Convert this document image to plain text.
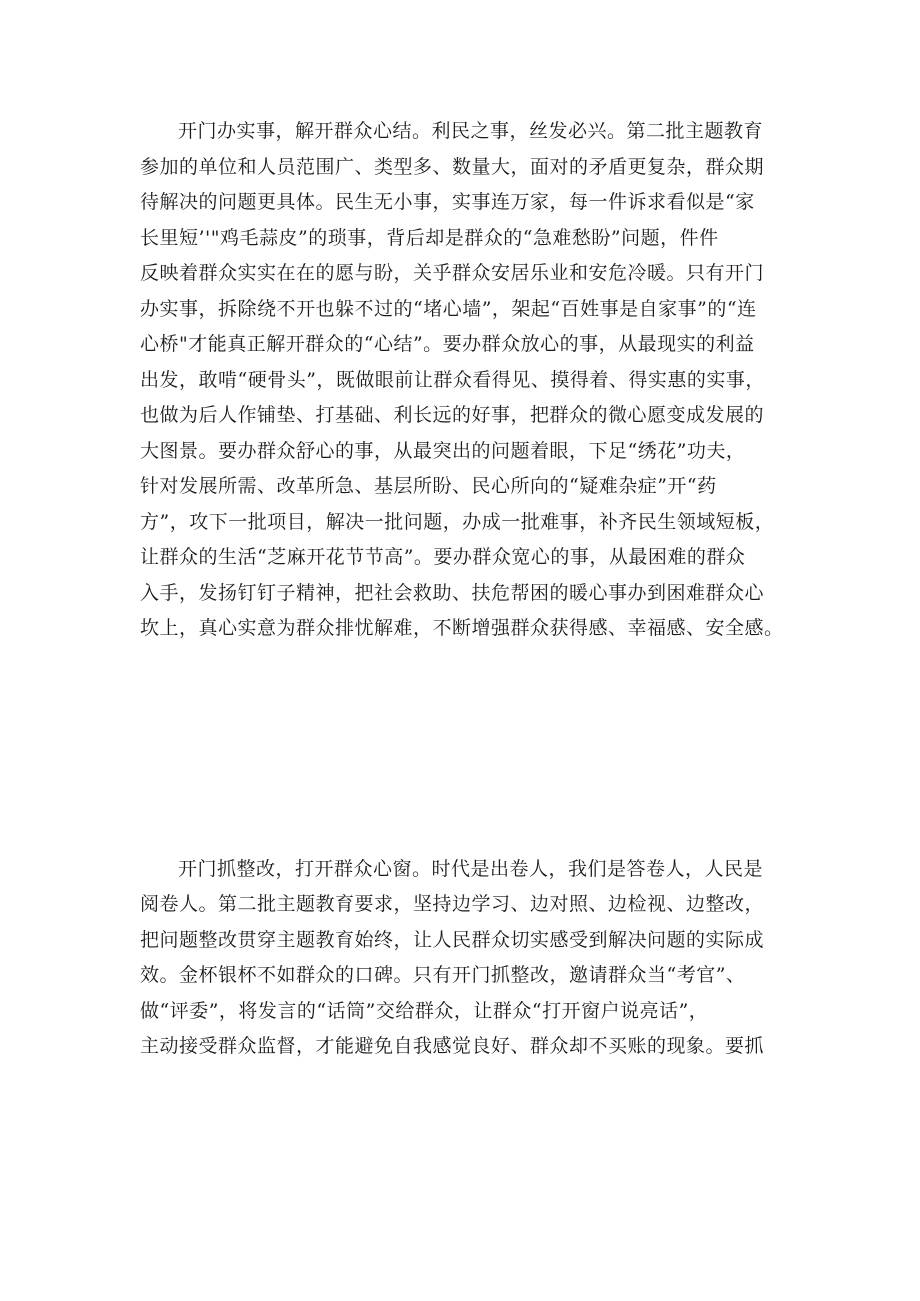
开门办实事，解开群众心结。利民之事，丝发必兴。第二批主题教育
参加的单位和人员范围广、类型多、数量大，面对的矛盾更复杂，群众期
待解决的问题更具体。民生无小事，实事连万家，每一件诉求看似是“家
长里短’'"鸡毛蒜皮”的琐事，背后却是群众的“急难愁盼”问题，件件
反映着群众实实在在的愿与盼，关乎群众安居乐业和安危冷暖。只有开门
办实事，拆除绕不开也躲不过的“堵心墙”，架起“百姓事是自家事”的“连
心桥"才能真正解开群众的“心结”。要办群众放心的事，从最现实的利益
出发，敢啃“硬骨头”，既做眼前让群众看得见、摸得着、得实惠的实事，
也做为后人作铺垫、打基础、利长远的好事，把群众的微心愿变成发展的
大图景。要办群众舒心的事，从最突出的问题着眼，下足“绣花”功夫，
针对发展所需、改革所急、基层所盼、民心所向的“疑难杂症”开“药
方”，攻下一批项目，解决一批问题，办成一批难事，补齐民生领域短板，
让群众的生活“芝麻开花节节高”。要办群众宽心的事，从最困难的群众
入手，发扬钉钉子精神，把社会救助、扶危帮困的暖心事办到困难群众心
坎上，真心实意为群众排忧解难，不断增强群众获得感、幸福感、安全感。
开门抓整改，打开群众心窗。时代是出卷人，我们是答卷人，人民是
阅卷人。第二批主题教育要求，坚持边学习、边对照、边检视、边整改，
把问题整改贯穿主题教育始终，让人民群众切实感受到解决问题的实际成
效。金杯银杯不如群众的口碑。只有开门抓整改，邀请群众当“考官”、
做“评委”，将发言的“话筒”交给群众，让群众“打开窗户说亮话”，
主动接受群众监督，才能避免自我感觉良好、群众却不买账的现象。要抓
